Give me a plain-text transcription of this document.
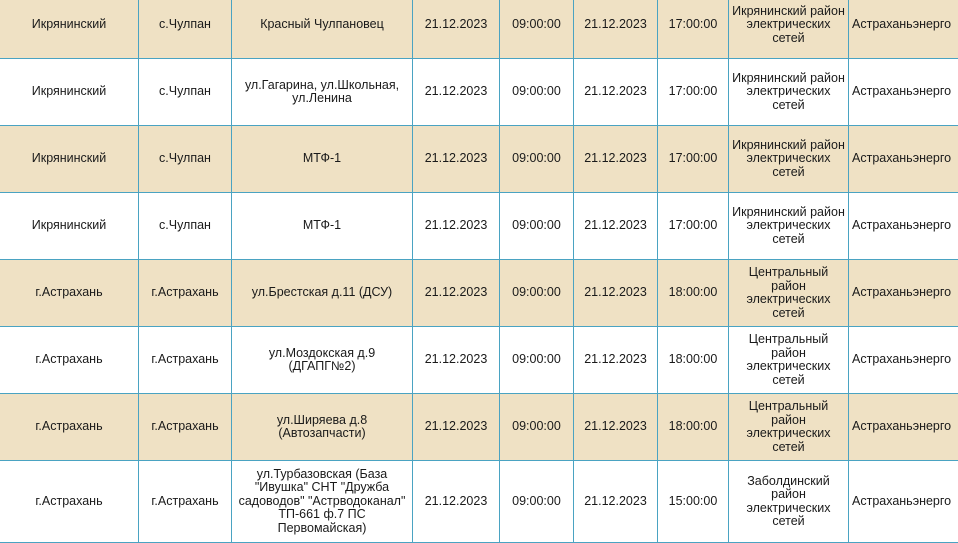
Икрянинский	с.Чулпан	Красный Чулпановец	21.12.2023	09:00:00	21.12.2023	17:00:00	Икрянинский район электрических сетей	Астраханьэнерго
Икрянинский	с.Чулпан	ул.Гагарина, ул.Школьная, ул.Ленина	21.12.2023	09:00:00	21.12.2023	17:00:00	Икрянинский район электрических сетей	Астраханьэнерго
Икрянинский	с.Чулпан	МТФ-1	21.12.2023	09:00:00	21.12.2023	17:00:00	Икрянинский район электрических сетей	Астраханьэнерго
Икрянинский	с.Чулпан	МТФ-1	21.12.2023	09:00:00	21.12.2023	17:00:00	Икрянинский район электрических сетей	Астраханьэнерго
г.Астрахань	г.Астрахань	ул.Брестская д.11 (ДСУ)	21.12.2023	09:00:00	21.12.2023	18:00:00	Центральный район электрических сетей	Астраханьэнерго
г.Астрахань	г.Астрахань	ул.Моздокская д.9 (ДГАПГ№2)	21.12.2023	09:00:00	21.12.2023	18:00:00	Центральный район электрических сетей	Астраханьэнерго
г.Астрахань	г.Астрахань	ул.Ширяева д.8 (Автозапчасти)	21.12.2023	09:00:00	21.12.2023	18:00:00	Центральный район электрических сетей	Астраханьэнерго
г.Астрахань	г.Астрахань	ул.Турбазовская (База "Ивушка" СНТ "Дружба садоводов" "Астрводоканал" ТП-661 ф.7 ПС Первомайская)	21.12.2023	09:00:00	21.12.2023	15:00:00	Заболдинский район электрических сетей	Астраханьэнерго
